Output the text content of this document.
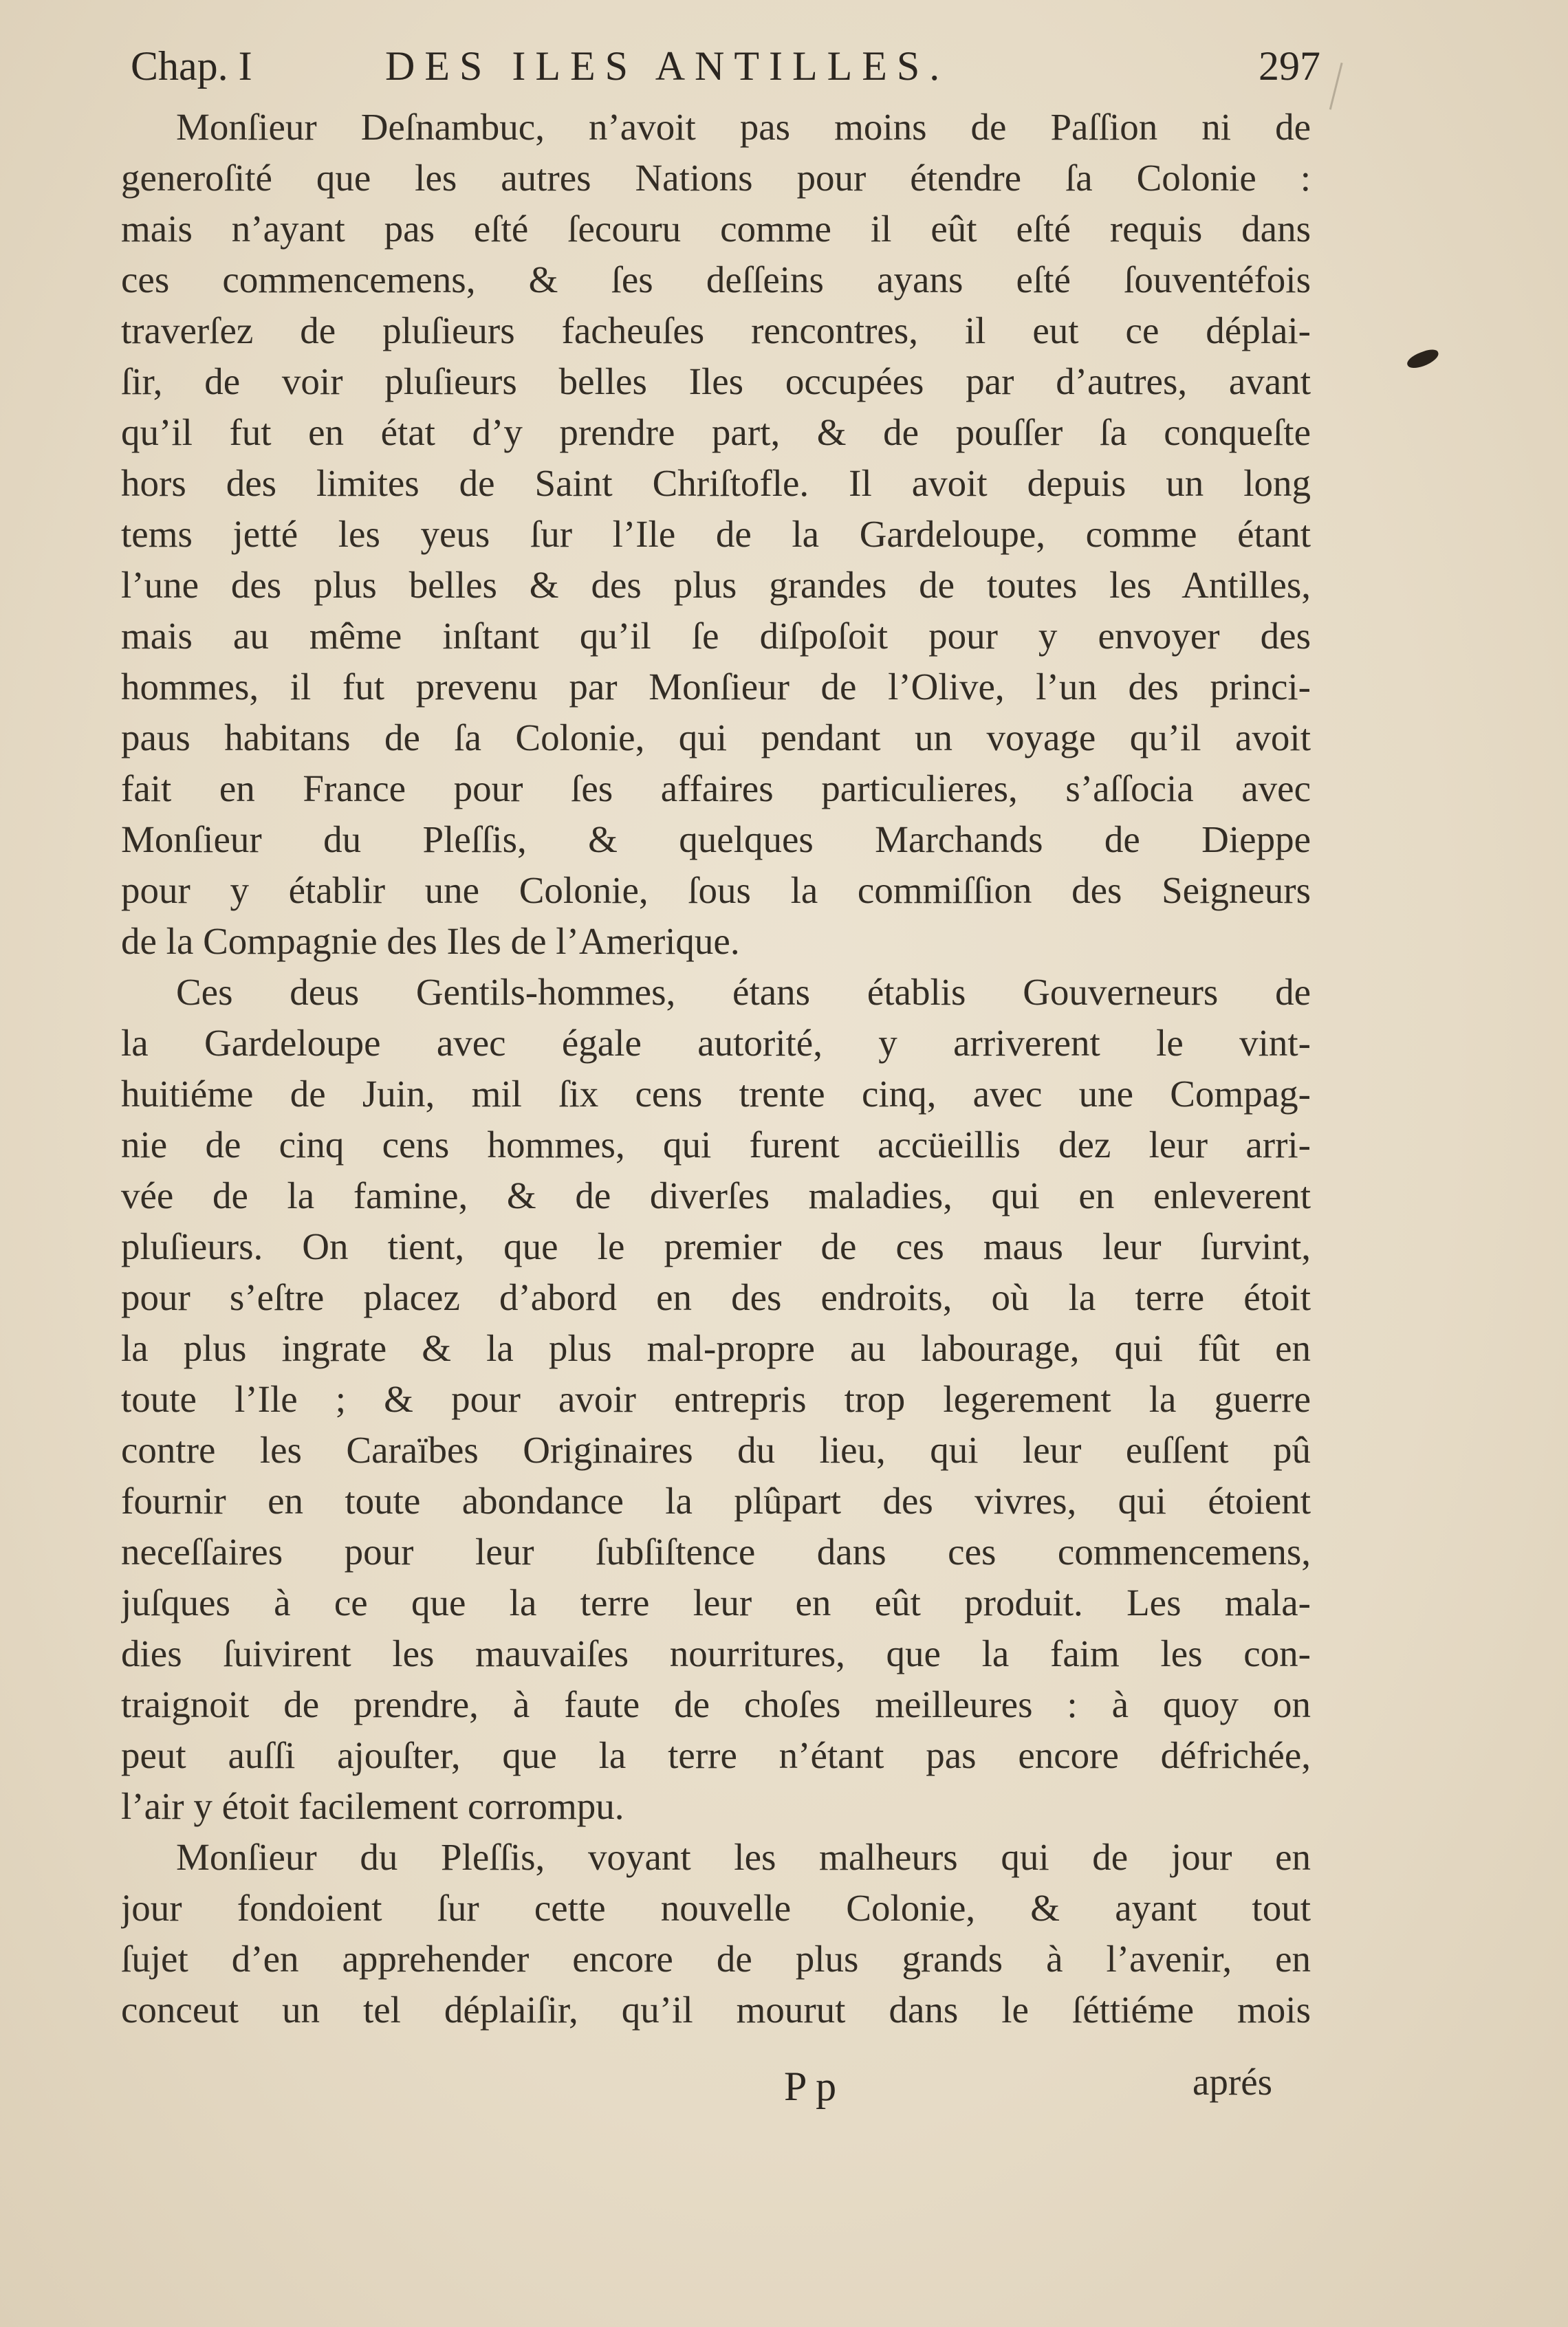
Chap. I	DES ILES ANTILLES.	297
Monſieur Deſnambuc, n’avoit pas moins de Paſſion ni de
generoſité que les autres Nations pour étendre ſa Colonie :
mais n’ayant pas eſté ſecouru comme il eût eſté requis dans
ces commencemens, & ſes deſſeins ayans eſté ſouventéfois
traverſez de pluſieurs facheuſes rencontres, il eut ce déplai-
ſir, de voir pluſieurs belles Iles occupées par d’autres, avant
qu’il fut en état d’y prendre part, & de pouſſer ſa conqueſte
hors des limites de Saint Chriſtofle. Il avoit depuis un long
tems jetté les yeus ſur l’Ile de la Gardeloupe, comme étant
l’une des plus belles & des plus grandes de toutes les Antilles,
mais au même inſtant qu’il ſe diſpoſoit pour y envoyer des
hommes, il fut prevenu par Monſieur de l’Olive, l’un des princi-
paus habitans de ſa Colonie, qui pendant un voyage qu’il avoit
fait en France pour ſes affaires particulieres, s’aſſocia avec
Monſieur du Pleſſis, & quelques Marchands de Dieppe
pour y établir une Colonie, ſous la commiſſion des Seigneurs
de la Compagnie des Iles de l’Amerique.
Ces deus Gentils-hommes, étans établis Gouverneurs de
la Gardeloupe avec égale autorité, y arriverent le vint-
huitiéme de Juin, mil ſix cens trente cinq, avec une Compag-
nie de cinq cens hommes, qui furent accüeillis dez leur arri-
vée de la famine, & de diverſes maladies, qui en enleverent
pluſieurs. On tient, que le premier de ces maus leur ſurvint,
pour s’eſtre placez d’abord en des endroits, où la terre étoit
la plus ingrate & la plus mal-propre au labourage, qui fût en
toute l’Ile ; & pour avoir entrepris trop legerement la guerre
contre les Caraïbes Originaires du lieu, qui leur euſſent pû
fournir en toute abondance la plûpart des vivres, qui étoient
neceſſaires pour leur ſubſiſtence dans ces commencemens,
juſques à ce que la terre leur en eût produit. Les mala-
dies ſuivirent les mauvaiſes nourritures, que la faim les con-
traignoit de prendre, à faute de choſes meilleures : à quoy on
peut auſſi ajouſter, que la terre n’étant pas encore défrichée,
l’air y étoit facilement corrompu.
Monſieur du Pleſſis, voyant les malheurs qui de jour en
jour fondoient ſur cette nouvelle Colonie, & ayant tout
ſujet d’en apprehender encore de plus grands à l’avenir, en
conceut un tel déplaiſir, qu’il mourut dans le ſéttiéme mois
P p	aprés
